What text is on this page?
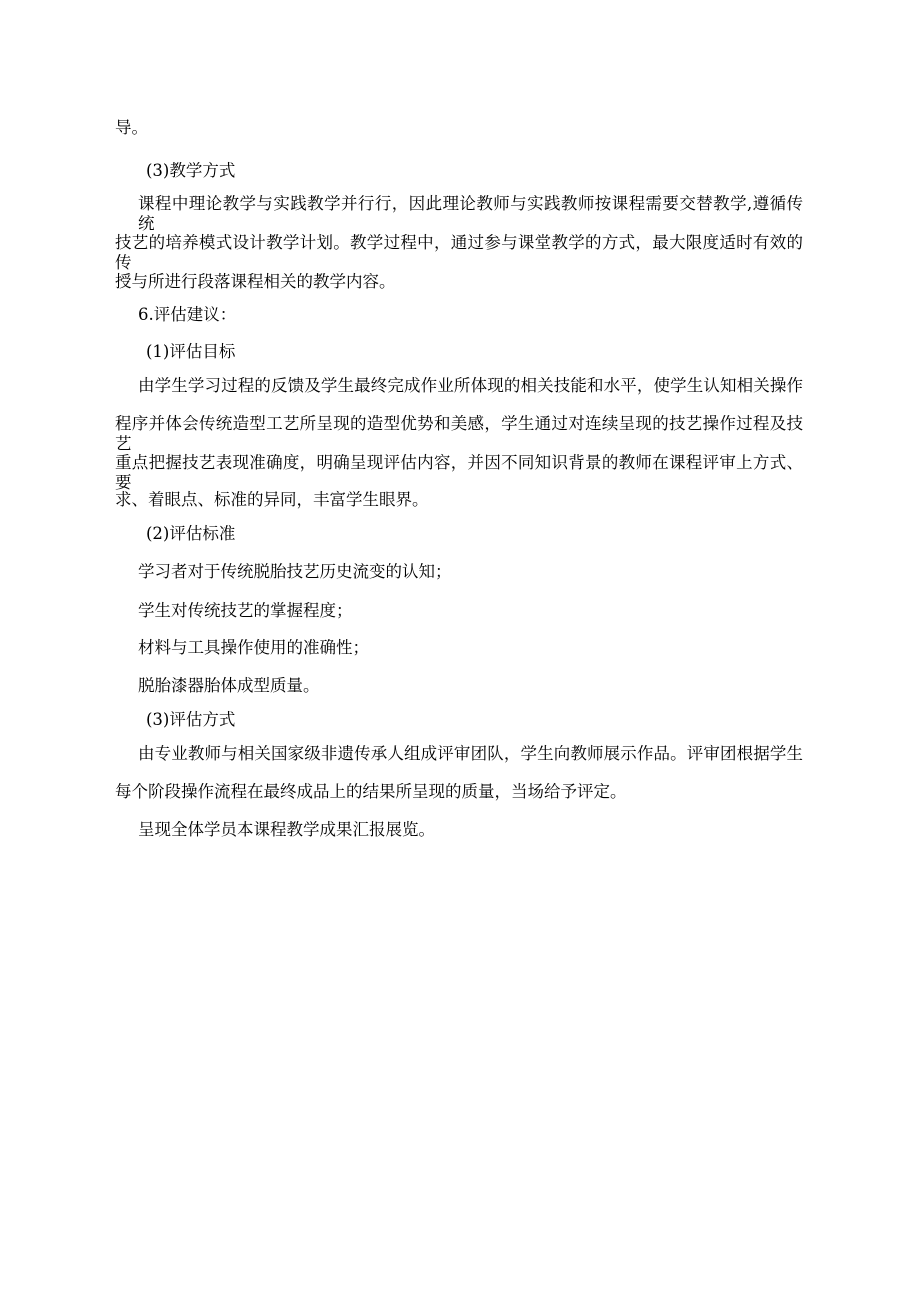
导。
(3)教学方式
课程中理论教学与实践教学并行行，因此理论教师与实践教师按课程需要交替教学,遵循传统
技艺的培养模式设计教学计划。教学过程中，通过参与课堂教学的方式，最大限度适时有效的传
授与所进行段落课程相关的教学内容。
6.评估建议：
(1)评估目标
由学生学习过程的反馈及学生最终完成作业所体现的相关技能和水平，使学生认知相关操作
程序并体会传统造型工艺所呈现的造型优势和美感，学生通过对连续呈现的技艺操作过程及技艺
重点把握技艺表现准确度，明确呈现评估内容，并因不同知识背景的教师在课程评审上方式、要
求、着眼点、标准的异同，丰富学生眼界。
(2)评估标准
学习者对于传统脱胎技艺历史流变的认知；
学生对传统技艺的掌握程度；
材料与工具操作使用的准确性；
脱胎漆器胎体成型质量。
(3)评估方式
由专业教师与相关国家级非遗传承人组成评审团队，学生向教师展示作品。评审团根据学生
每个阶段操作流程在最终成品上的结果所呈现的质量，当场给予评定。
呈现全体学员本课程教学成果汇报展览。
